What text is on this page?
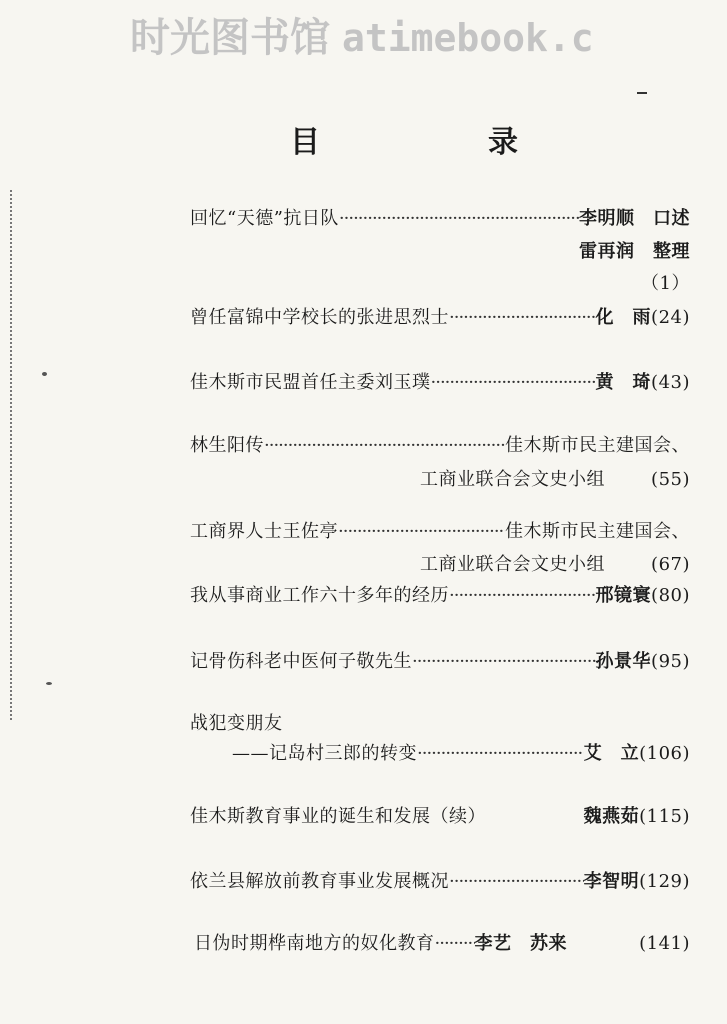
时光图书馆 atimebook.c
目	录
回忆“天德”抗日队 ·····	李明顺　口述
雷再润　整理
（1）
曾任富锦中学校长的张进思烈士 ·····	化　雨 (24)
佳木斯市民盟首任主委刘玉璞 ·····	黄　琦 (43)
林生阳传 ·····	佳木斯市民主建国会、
工商业联合会文史小组	(55)
工商界人士王佐亭 ·····	佳木斯市民主建国会、
工商业联合会文史小组	(67)
我从事商业工作六十多年的经历 ·····	邢镜寰 (80)
记骨伤科老中医何子敬先生 ·····	孙景华 (95)
战犯变朋友
——记岛村三郎的转变 ·····	艾　立 (106)
佳木斯教育事业的诞生和发展（续）	魏燕茹 (115)
依兰县解放前教育事业发展概况 ·····	李智明 (129)
日伪时期桦南地方的奴化教育 ····· 李艺　苏来	(141)
